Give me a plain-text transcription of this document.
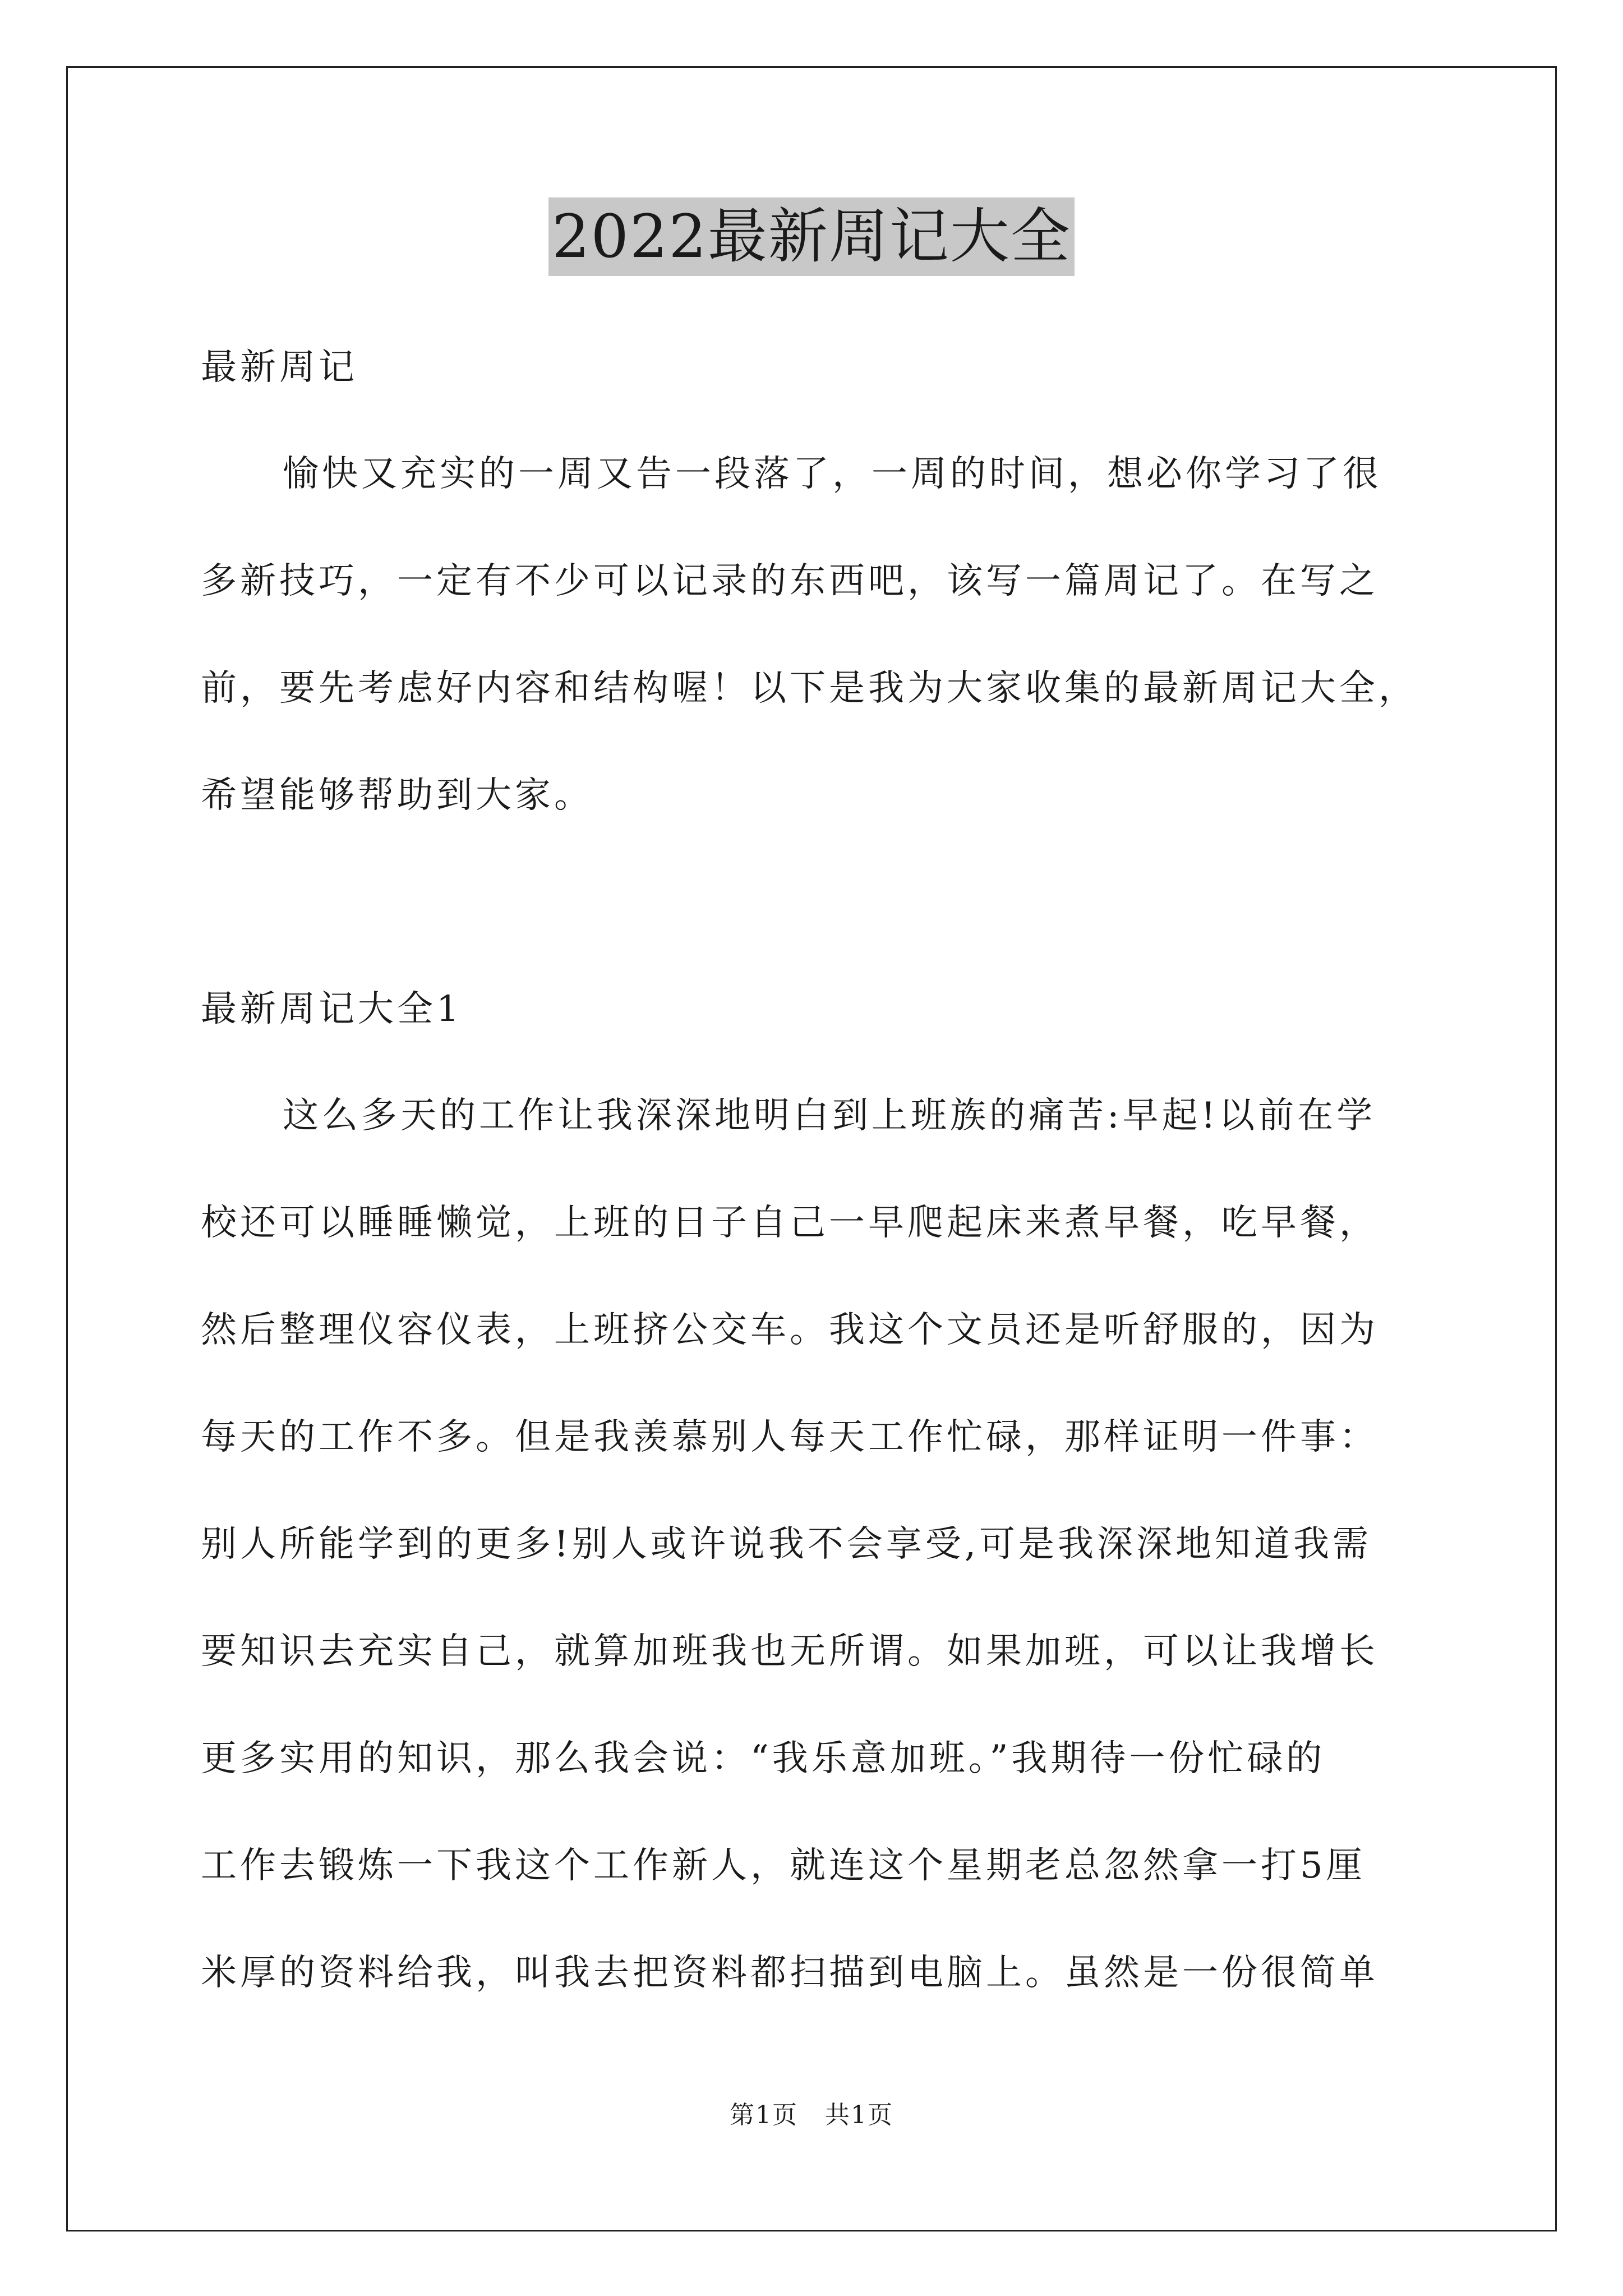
2022最新周记大全

最新周记

愉快又充实的一周又告一段落了，一周的时间，想必你学习了很

多新技巧，一定有不少可以记录的东西吧，该写一篇周记了。在写之

前，要先考虑好内容和结构喔！以下是我为大家收集的最新周记大全，

希望能够帮助到大家。

最新周记大全1

这么多天的工作让我深深地明白到上班族的痛苦:早起!以前在学

校还可以睡睡懒觉，上班的日子自己一早爬起床来煮早餐，吃早餐，

然后整理仪容仪表，上班挤公交车。我这个文员还是听舒服的，因为

每天的工作不多。但是我羡慕别人每天工作忙碌，那样证明一件事：

别人所能学到的更多!别人或许说我不会享受,可是我深深地知道我需

要知识去充实自己，就算加班我也无所谓。如果加班，可以让我增长

更多实用的知识，那么我会说：“我乐意加班。”我期待一份忙碌的

工作去锻炼一下我这个工作新人，就连这个星期老总忽然拿一打5厘

米厚的资料给我，叫我去把资料都扫描到电脑上。虽然是一份很简单

第1页   共1页
